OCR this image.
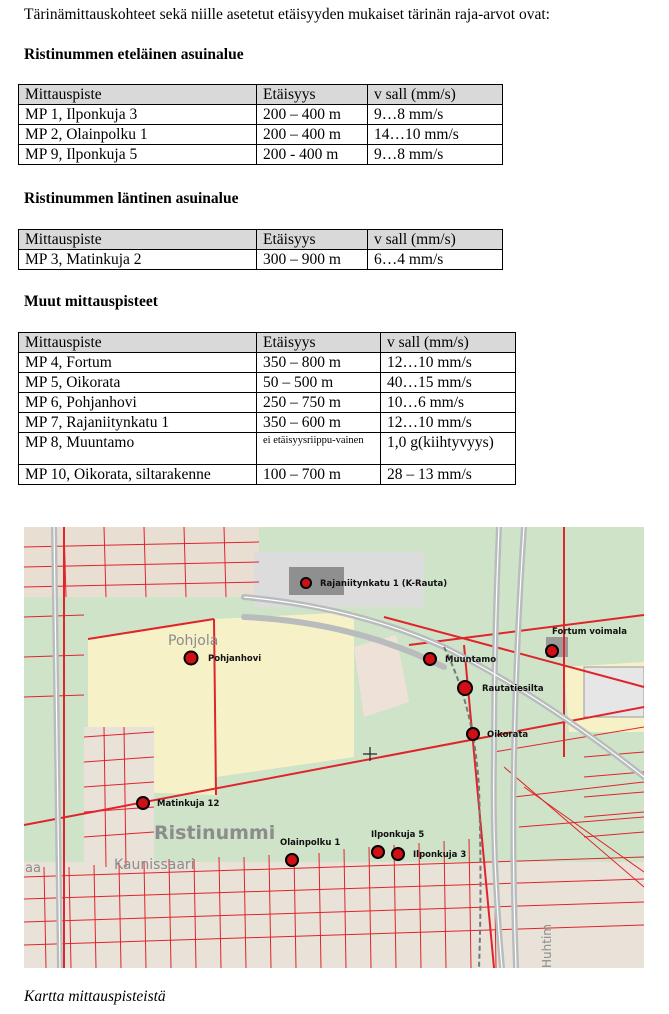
Tärinämittauskohteet sekä niille asetetut etäisyyden mukaiset tärinän raja-arvot ovat:
Ristinummen eteläinen asuinalue
Mittauspiste	Etäisyys	v sall (mm/s)
MP 1, Ilponkuja 3	200 – 400 m	9…8 mm/s
MP 2, Olainpolku 1	200 – 400 m	14…10 mm/s
MP 9, Ilponkuja 5	200 - 400 m	9…8 mm/s
Ristinummen läntinen asuinalue
Mittauspiste	Etäisyys	v sall (mm/s)
MP 3, Matinkuja 2	300 – 900 m	6…4 mm/s
Muut mittauspisteet
Mittauspiste	Etäisyys	v sall (mm/s)
MP 4, Fortum	350 – 800 m	12…10 mm/s
MP 5, Oikorata	50 – 500 m	40…15 mm/s
MP 6, Pohjanhovi	250 – 750 m	10…6 mm/s
MP 7, Rajaniitynkatu 1	350 – 600 m	12…10 mm/s
MP 8, Muuntamo	ei etäisyysriippu-vainen	1,0 g(kiihtyvyys)
MP 10, Oikorata, siltarakenne	100 – 700 m	28 – 13 mm/s
Pohjola
Ristinummi
Kaunissaari
aa
Huhtim
Rajaniitynkatu 1 (K-Rauta)
Fortum voimala
Pohjanhovi	Muuntamo
Rautatiesilta
Oikorata
Matinkuja 12
Olainpolku 1
Ilponkuja 5
Ilponkuja 3
Kartta mittauspisteistä
